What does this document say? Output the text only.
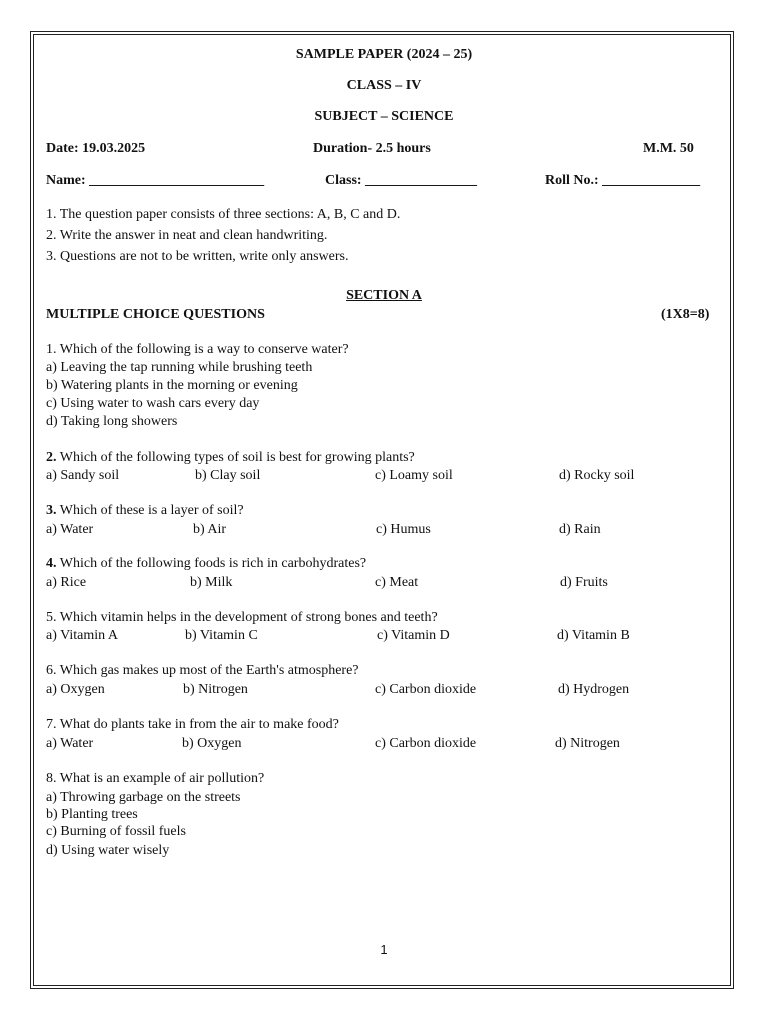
SAMPLE PAPER (2024 – 25)
CLASS – IV
SUBJECT – SCIENCE
Date: 19.03.2025	Duration- 2.5 hours	M.M. 50
Name: _________________________	Class: ________________	Roll No.: ______________
1. The question paper consists of three sections: A, B, C and D.
2. Write the answer in neat and clean handwriting.
3. Questions are not to be written, write only answers.
SECTION A
MULTIPLE CHOICE QUESTIONS	(1X8=8)
1. Which of the following is a way to conserve water?
a) Leaving the tap running while brushing teeth
b) Watering plants in the morning or evening
c) Using water to wash cars every day
d) Taking long showers
2. Which of the following types of soil is best for growing plants?
a) Sandy soil	b) Clay soil	c) Loamy soil	d) Rocky soil
3. Which of these is a layer of soil?
a) Water	b) Air	c) Humus	d) Rain
4. Which of the following foods is rich in carbohydrates?
a) Rice	b) Milk	c) Meat	d) Fruits
5. Which vitamin helps in the development of strong bones and teeth?
a) Vitamin A	b) Vitamin C	c) Vitamin D	d) Vitamin B
6. Which gas makes up most of the Earth's atmosphere?
a) Oxygen	b) Nitrogen	c) Carbon dioxide	d) Hydrogen
7. What do plants take in from the air to make food?
a) Water	b) Oxygen	c) Carbon dioxide	d) Nitrogen
8. What is an example of air pollution?
a) Throwing garbage on the streets
b) Planting trees
c) Burning of fossil fuels
d) Using water wisely
1
